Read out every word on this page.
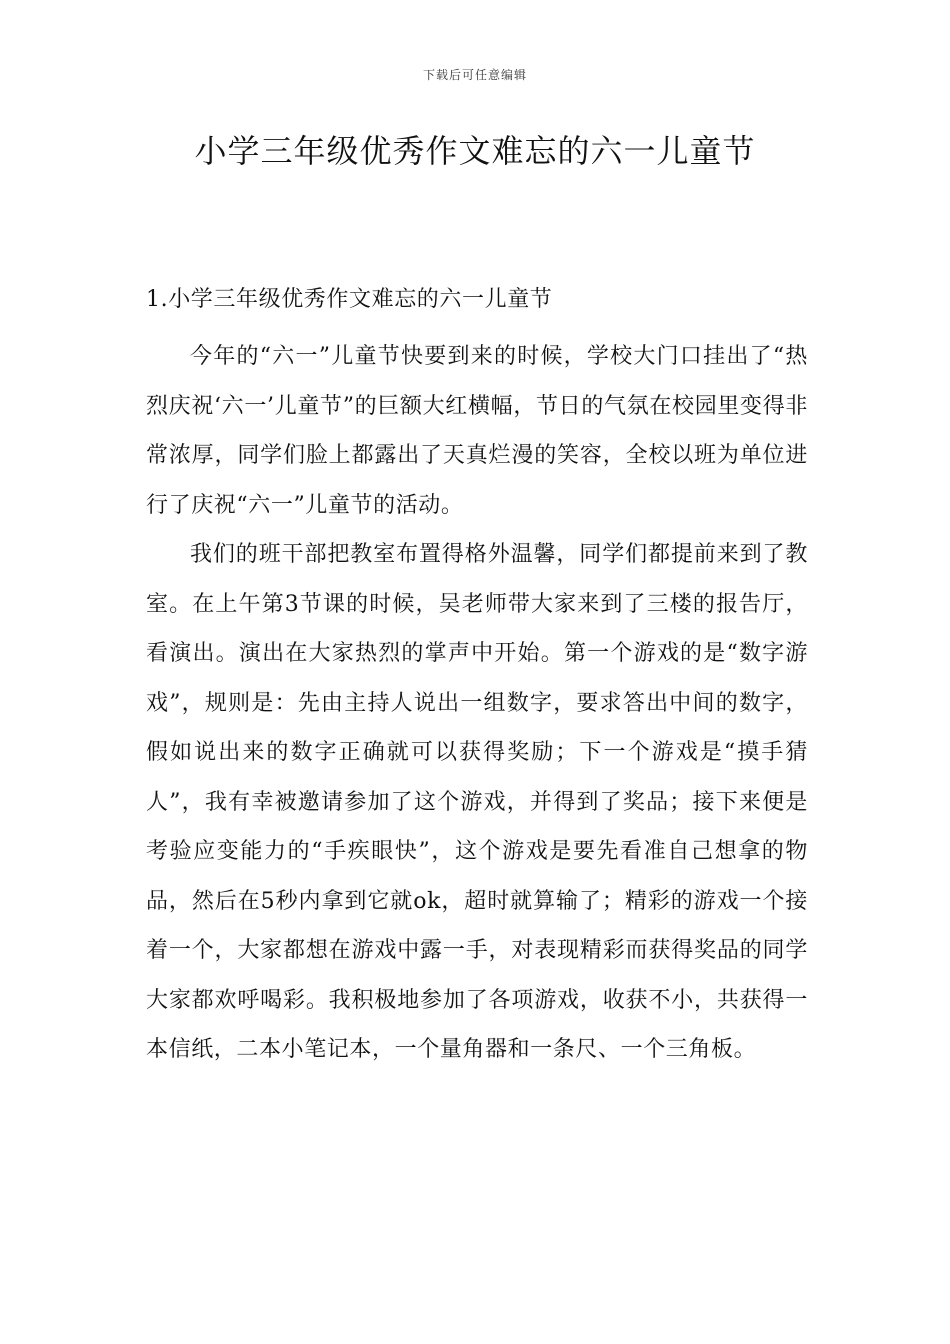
下载后可任意编辑
小学三年级优秀作文难忘的六一儿童节
1.小学三年级优秀作文难忘的六一儿童节

今年的“六一”儿童节快要到来的时候，学校大门口挂出了“热烈庆祝‘六一’儿童节”的巨额大红横幅，节日的气氛在校园里变得非常浓厚，同学们脸上都露出了天真烂漫的笑容，全校以班为单位进行了庆祝“六一”儿童节的活动。

我们的班干部把教室布置得格外温馨，同学们都提前来到了教室。在上午第3节课的时候，吴老师带大家来到了三楼的报告厅，看演出。演出在大家热烈的掌声中开始。第一个游戏的是“数字游戏”，规则是：先由主持人说出一组数字，要求答出中间的数字，假如说出来的数字正确就可以获得奖励；下一个游戏是“摸手猜人”，我有幸被邀请参加了这个游戏，并得到了奖品；接下来便是考验应变能力的“手疾眼快”，这个游戏是要先看准自己想拿的物品，然后在5秒内拿到它就ok，超时就算输了；精彩的游戏一个接着一个，大家都想在游戏中露一手，对表现精彩而获得奖品的同学大家都欢呼喝彩。我积极地参加了各项游戏，收获不小，共获得一本信纸，二本小笔记本，一个量角器和一条尺、一个三角板。
